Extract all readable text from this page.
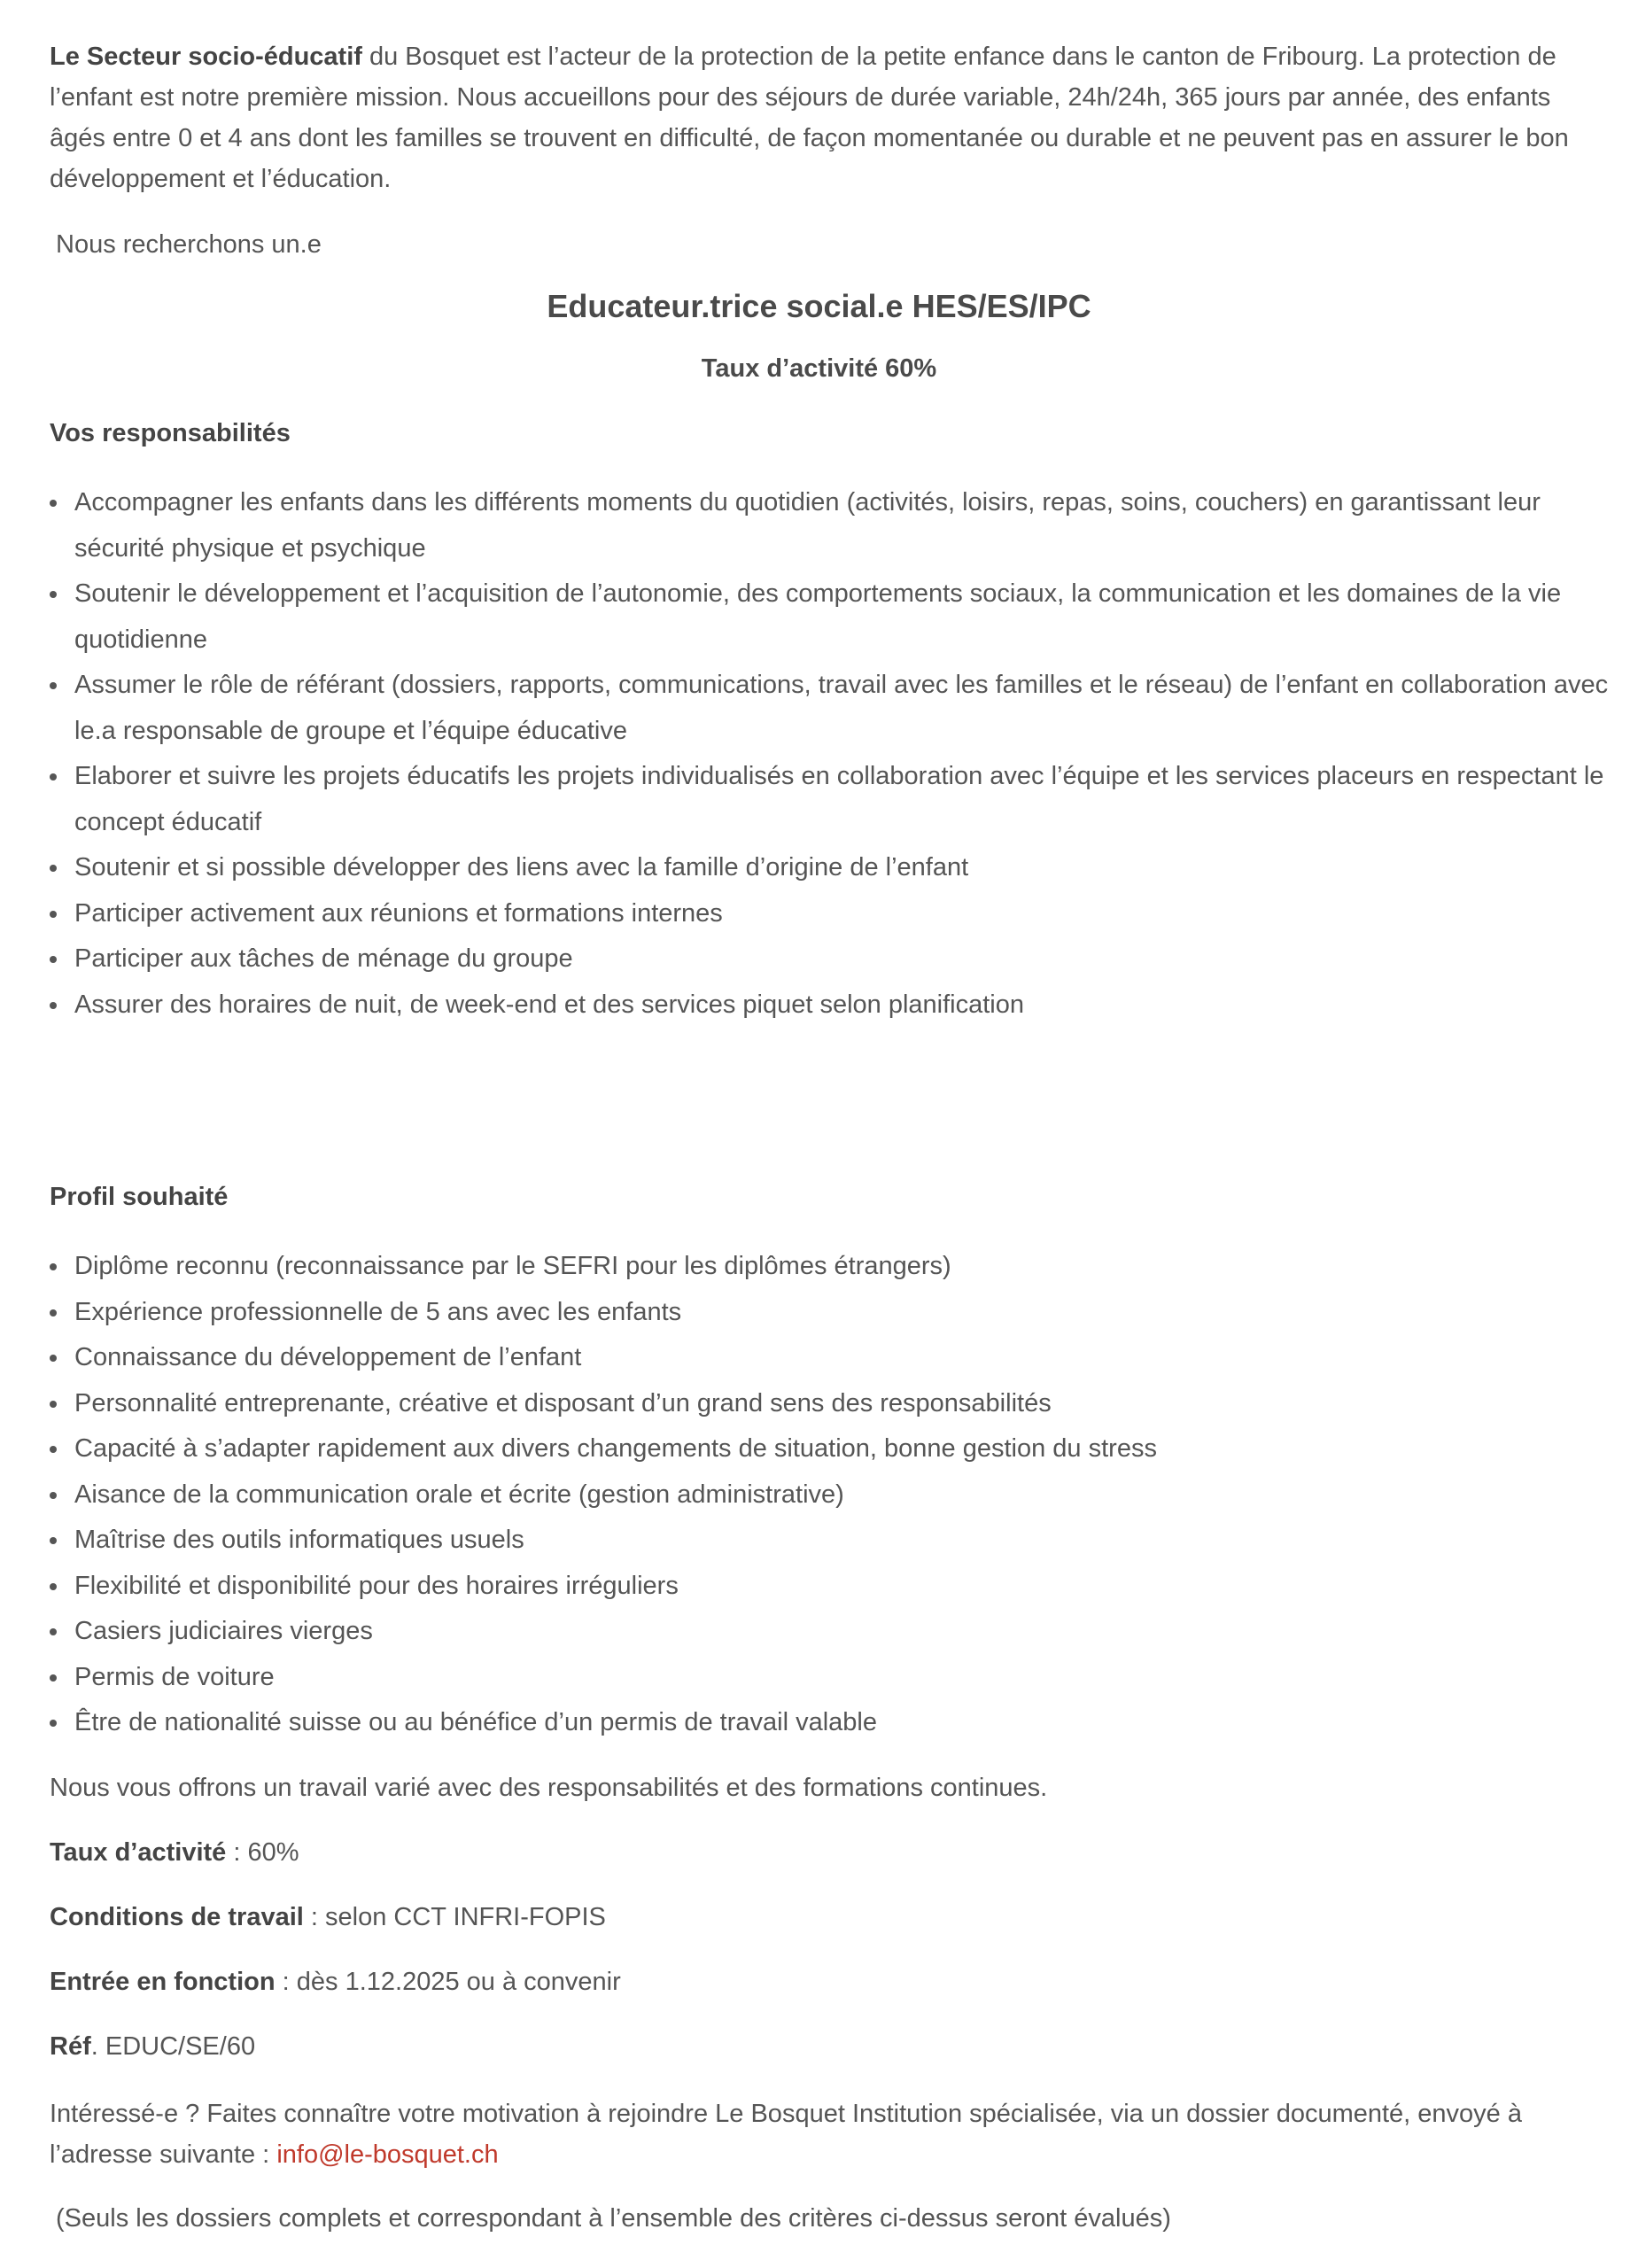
Le Secteur socio-éducatif du Bosquet est l’acteur de la protection de la petite enfance dans le canton de Fribourg. La protection de l’enfant est notre première mission. Nous accueillons pour des séjours de durée variable, 24h/24h, 365 jours par année, des enfants âgés entre 0 et 4 ans dont les familles se trouvent en difficulté, de façon momentanée ou durable et ne peuvent pas en assurer le bon développement et l’éducation.

Nous recherchons un.e

Educateur.trice social.e HES/ES/IPC

Taux d’activité 60%

Vos responsabilités
Accompagner les enfants dans les différents moments du quotidien (activités, loisirs, repas, soins, couchers) en garantissant leur sécurité physique et psychique
Soutenir le développement et l’acquisition de l’autonomie, des comportements sociaux, la communication et les domaines de la vie quotidienne
Assumer le rôle de référant (dossiers, rapports, communications, travail avec les familles et le réseau) de l’enfant en collaboration avec le.a responsable de groupe et l’équipe éducative
Elaborer et suivre les projets éducatifs les projets individualisés en collaboration avec l’équipe et les services placeurs en respectant le concept éducatif
Soutenir et si possible développer des liens avec la famille d’origine de l’enfant
Participer activement aux réunions et formations internes
Participer aux tâches de ménage du groupe
Assurer des horaires de nuit, de week-end et des services piquet selon planification
Profil souhaité
Diplôme reconnu (reconnaissance par le SEFRI pour les diplômes étrangers)
Expérience professionnelle de 5 ans avec les enfants
Connaissance du développement de l’enfant
Personnalité entreprenante, créative et disposant d’un grand sens des responsabilités
Capacité à s’adapter rapidement aux divers changements de situation, bonne gestion du stress
Aisance de la communication orale et écrite (gestion administrative)
Maîtrise des outils informatiques usuels
Flexibilité et disponibilité pour des horaires irréguliers
Casiers judiciaires vierges
Permis de voiture
Être de nationalité suisse ou au bénéfice d’un permis de travail valable

Nous vous offrons un travail varié avec des responsabilités et des formations continues.

Taux d’activité : 60%

Conditions de travail : selon CCT INFRI-FOPIS

Entrée en fonction : dès 1.12.2025 ou à convenir

Réf. EDUC/SE/60

Intéressé-e ? Faites connaître votre motivation à rejoindre Le Bosquet Institution spécialisée, via un dossier documenté, envoyé à l’adresse suivante : info@le-bosquet.ch

(Seuls les dossiers complets et correspondant à l’ensemble des critères ci-dessus seront évalués)
